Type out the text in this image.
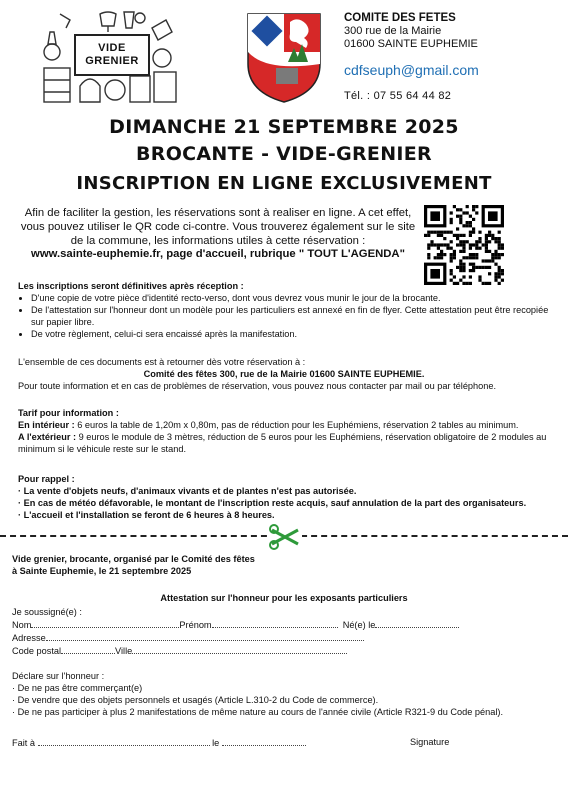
VIDE
GRENIER
COMITE DES FETES
300 rue de la Mairie
01600 SAINTE EUPHEMIE
cdfseuph@gmail.com
Tél. : 07 55 64 44 82
DIMANCHE 21 SEPTEMBRE 2025
BROCANTE - VIDE-GRENIER
INSCRIPTION EN LIGNE EXCLUSIVEMENT
Afin de faciliter la gestion, les réservations sont à realiser en ligne. A cet effet, vous pouvez utiliser le QR code ci-contre. Vous trouverez également sur le site de la commune, les informations utiles à cette réservation :
www.sainte-euphemie.fr, page d'accueil, rubrique " TOUT L'AGENDA"
Les inscriptions seront définitives après réception :
• D'une copie de votre pièce d'identité recto-verso, dont vous devrez vous munir le jour de la brocante.
• De l'attestation sur l'honneur dont un modèle pour les particuliers est annexé en fin de flyer. Cette attestation peut être recopiée sur papier libre.
• De votre règlement, celui-ci sera encaissé après la manifestation.
L'ensemble de ces documents est à retourner dès votre réservation à :
Comité des fêtes 300, rue de la Mairie 01600 SAINTE EUPHEMIE.
Pour toute information et en cas de problèmes de réservation, vous pouvez nous contacter par mail ou par téléphone.
Tarif pour information :
En intérieur : 6 euros la table de 1,20m x 0,80m, pas de réduction pour les Euphémiens, réservation 2 tables au minimum.
A l'extérieur : 9 euros le module de 3 mètres, réduction de 5 euros pour les Euphémiens, réservation obligatoire de 2 modules au minimum si le véhicule reste sur le stand.
Pour rappel :
· La vente d'objets neufs, d'animaux vivants et de plantes n'est pas autorisée.
· En cas de météo défavorable, le montant de l'inscription reste acquis, sauf annulation de la part des organisateurs.
· L'accueil et l'installation se feront de 6 heures à 8 heures.
Vide grenier, brocante, organisé par le Comité des fêtes
à Sainte Euphemie, le 21 septembre 2025
Attestation sur l'honneur pour les exposants particuliers
Je soussigné(e) :
Nom	Prénom	Né(e) le
Adresse
Code postal	Ville
Déclare sur l'honneur :
· De ne pas être commerçant(e)
· De vendre que des objets personnels et usagés (Article L.310-2 du Code de commerce).
· De ne pas participer à plus 2 manifestations de même nature au cours de l'année civile (Article R321-9 du Code pénal).
Fait à	le	Signature
